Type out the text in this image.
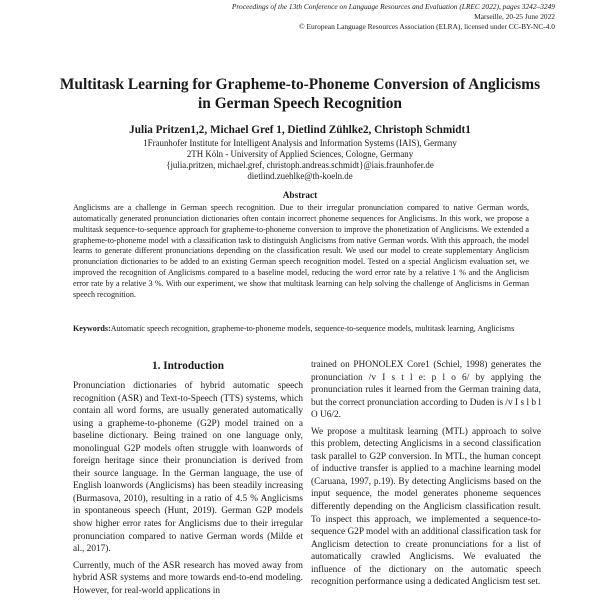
Proceedings of the 13th Conference on Language Resources and Evaluation (LREC 2022), pages 3242–3249
Marseille, 20-25 June 2022
© European Language Resources Association (ELRA), licensed under CC-BY-NC-4.0
Multitask Learning for Grapheme-to-Phoneme Conversion of Anglicisms
in German Speech Recognition
Julia Pritzen1,2, Michael Gref 1, Dietlind Zühlke2, Christoph Schmidt1
1Fraunhofer Institute for Intelligent Analysis and Information Systems (IAIS), Germany
2TH Köln - University of Applied Sciences, Cologne, Germany
{julia.pritzen, michael.gref, christoph.andreas.schmidt}@iais.fraunhofer.de
dietlind.zuehlke@th-koeln.de
Abstract
Anglicisms are a challenge in German speech recognition. Due to their irregular pronunciation compared to native German words, automatically generated pronunciation dictionaries often contain incorrect phoneme sequences for Anglicisms. In this work, we propose a multitask sequence-to-sequence approach for grapheme-to-phoneme conversion to improve the phonetization of Anglicisms. We extended a grapheme-to-phoneme model with a classification task to distinguish Anglicisms from native German words. With this approach, the model learns to generate different pronunciations depending on the classification result. We used our model to create supplementary Anglicism pronunciation dictionaries to be added to an existing German speech recognition model. Tested on a special Anglicism evaluation set, we improved the recognition of Anglicisms compared to a baseline model, reducing the word error rate by a relative 1 % and the Anglicism error rate by a relative 3 %. With our experiment, we show that multitask learning can help solving the challenge of Anglicisms in German speech recognition.
Keywords:Automatic speech recognition, grapheme-to-phoneme models, sequence-to-sequence models, multitask learning, Anglicisms
1. Introduction

Pronunciation dictionaries of hybrid automatic speech recognition (ASR) and Text-to-Speech (TTS) systems, which contain all word forms, are usually generated automatically using a grapheme-to-phoneme (G2P) model trained on a baseline dictionary. Being trained on one language only, monolingual G2P models often struggle with loanwords of foreign heritage since their pronunciation is derived from their source language. In the German language, the use of English loanwords (Anglicisms) has been steadily increasing (Burmasova, 2010), resulting in a ratio of 4.5 % Anglicisms in spontaneous speech (Hunt, 2019). German G2P models show higher error rates for Anglicisms due to their irregular pronunciation compared to native German words (Milde et al., 2017).

Currently, much of the ASR research has moved away from hybrid ASR systems and more towards end-to-end modeling. However, for real-world applications in

trained on PHONOLEX Core1 (Schiel, 1998) generates the pronunciation /v I s t l e: p l o 6/ by applying the pronunciation rules it learned from the German training data, but the correct pronunciation according to Duden is /v I s l b l O U6/2.

We propose a multitask learning (MTL) approach to solve this problem, detecting Anglicisms in a second classification task parallel to G2P conversion. In MTL, the human concept of inductive transfer is applied to a machine learning model (Caruana, 1997, p.19). By detecting Anglicisms based on the input sequence, the model generates phoneme sequences differently depending on the Anglicism classification result. To inspect this approach, we implemented a sequence-to-sequence G2P model with an additional classification task for Anglicism detection to create pronunciations for a list of automatically crawled Anglicisms. We evaluated the influence of the dictionary on the automatic speech recognition performance using a dedicated Anglicism test set.
